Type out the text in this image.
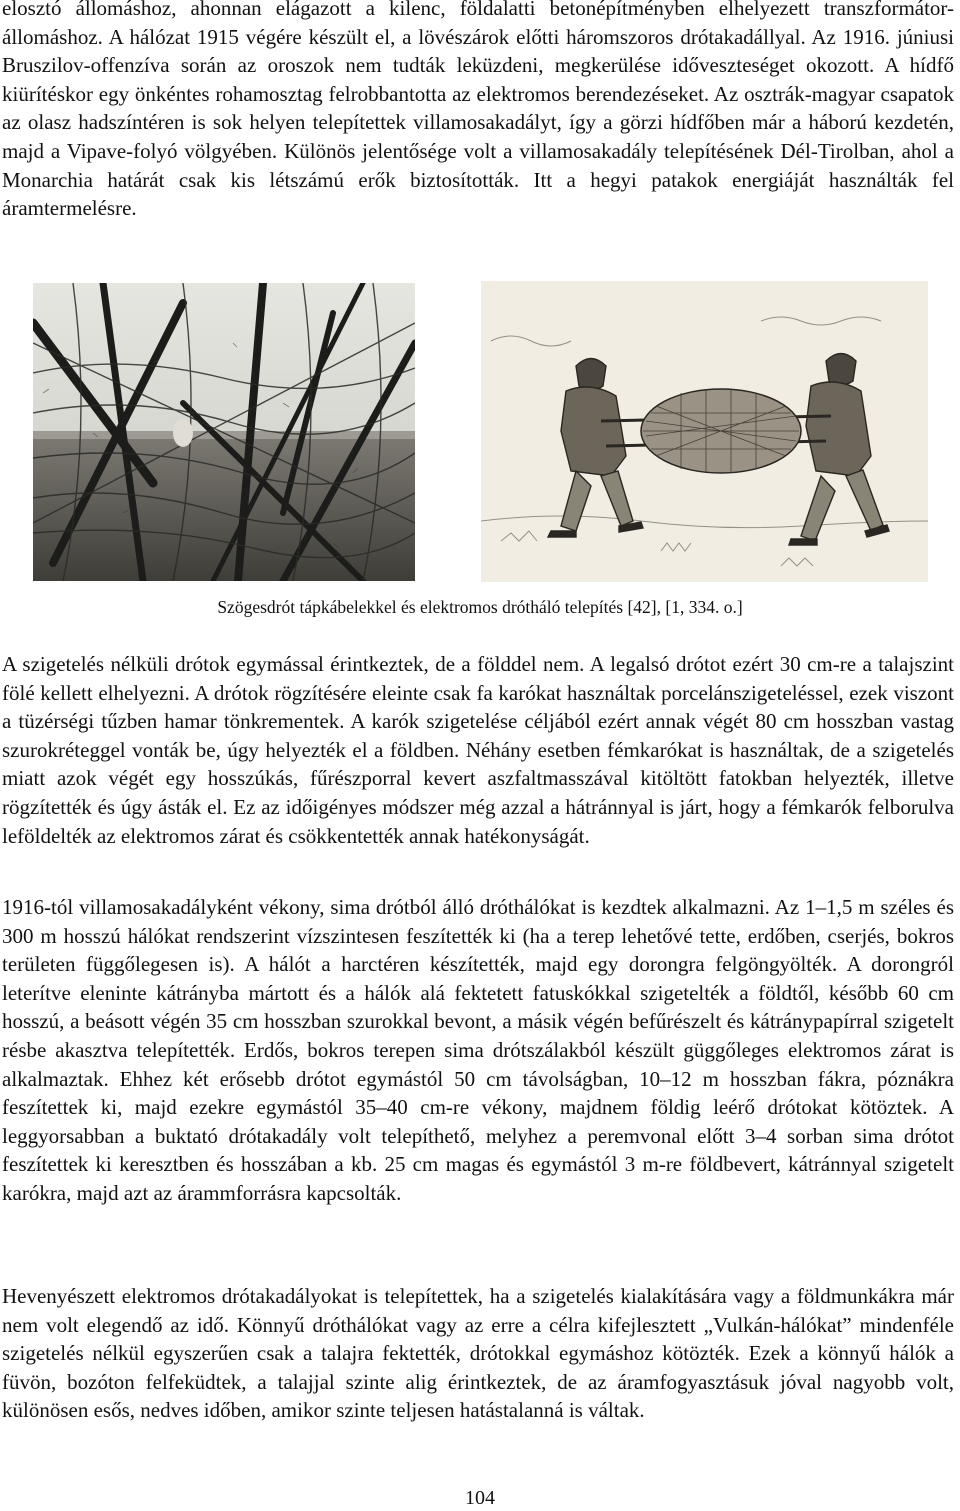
elosztó állomáshoz, ahonnan elágazott a kilenc, földalatti betonépítményben elhelyezett transzformátor-állomáshoz. A hálózat 1915 végére készült el, a lövészárok előtti háromszoros drótakadállyal. Az 1916. júniusi Bruszilov-offenzíva során az oroszok nem tudták leküzdeni, megkerülése időveszteséget okozott. A hídfő kiürítéskor egy önkéntes rohamosztag felrobbantotta az elektromos berendezéseket. Az osztrák-magyar csapatok az olasz hadszíntéren is sok helyen telepítettek villamosakadályt, így a görzi hídfőben már a háború kezdetén, majd a Vipave-folyó völgyében. Különös jelentősége volt a villamosakadály telepítésének Dél-Tirolban, ahol a Monarchia határát csak kis létszámú erők biztosították. Itt a hegyi patakok energiáját használták fel áramtermelésre.

Szögesdrót tápkábelekkel és elektromos drótháló telepítés [42], [1, 334. o.]

A szigetelés nélküli drótok egymással érintkeztek, de a földdel nem. A legalsó drótot ezért 30 cm-re a talajszint fölé kellett elhelyezni. A drótok rögzítésére eleinte csak fa karókat használtak porcelánszigeteléssel, ezek viszont a tüzérségi tűzben hamar tönkrementek. A karók szigetelése céljából ezért annak végét 80 cm hosszban vastag szurokréteggel vonták be, úgy helyezték el a földben. Néhány esetben fémkarókat is használtak, de a szigetelés miatt azok végét egy hosszúkás, fűrészporral kevert aszfaltmasszával kitöltött fatokban helyezték, illetve rögzítették és úgy ásták el. Ez az időigényes módszer még azzal a hátránnyal is járt, hogy a fémkarók felborulva leföldelték az elektromos zárat és csökkentették annak hatékonyságát.

1916-tól villamosakadályként vékony, sima drótból álló dróthálókat is kezdtek alkalmazni. Az 1–1,5 m széles és 300 m hosszú hálókat rendszerint vízszintesen feszítették ki (ha a terep lehetővé tette, erdőben, cserjés, bokros területen függőlegesen is). A hálót a harctéren készítették, majd egy dorongra felgöngyölték. A dorongról leterítve eleninte kátrányba mártott és a hálók alá fektetett fatuskókkal szigetelték a földtől, később 60 cm hosszú, a beásott végén 35 cm hosszban szurokkal bevont, a másik végén befűrészelt és kátránypapírral szigetelt résbe akasztva telepítették. Erdős, bokros terepen sima drótszálakból készült güggőleges elektromos zárat is alkalmaztak. Ehhez két erősebb drótot egymástól 50 cm távolságban, 10–12 m hosszban fákra, póznákra feszítettek ki, majd ezekre egymástól 35–40 cm-re vékony, majdnem földig leérő drótokat kötöztek. A leggyorsabban a buktató drótakadály volt telepíthető, melyhez a peremvonal előtt 3–4 sorban sima drótot feszítettek ki keresztben és hosszában a kb. 25 cm magas és egymástól 3 m-re földbevert, kátránnyal szigetelt karókra, majd azt az árammforrásra kapcsolták.

Hevenyészett elektromos drótakadályokat is telepítettek, ha a szigetelés kialakítására vagy a földmunkákra már nem volt elegendő az idő. Könnyű dróthálókat vagy az erre a célra kifejlesztett „Vulkán-hálókat” mindenféle szigetelés nélkül egyszerűen csak a talajra fektették, drótokkal egymáshoz kötözték. Ezek a könnyű hálók a füvön, bozóton felfeküdtek, a talajjal szinte alig érintkeztek, de az áramfogyasztásuk jóval nagyobb volt, különösen esős, nedves időben, amikor szinte teljesen hatástalanná is váltak.

104
